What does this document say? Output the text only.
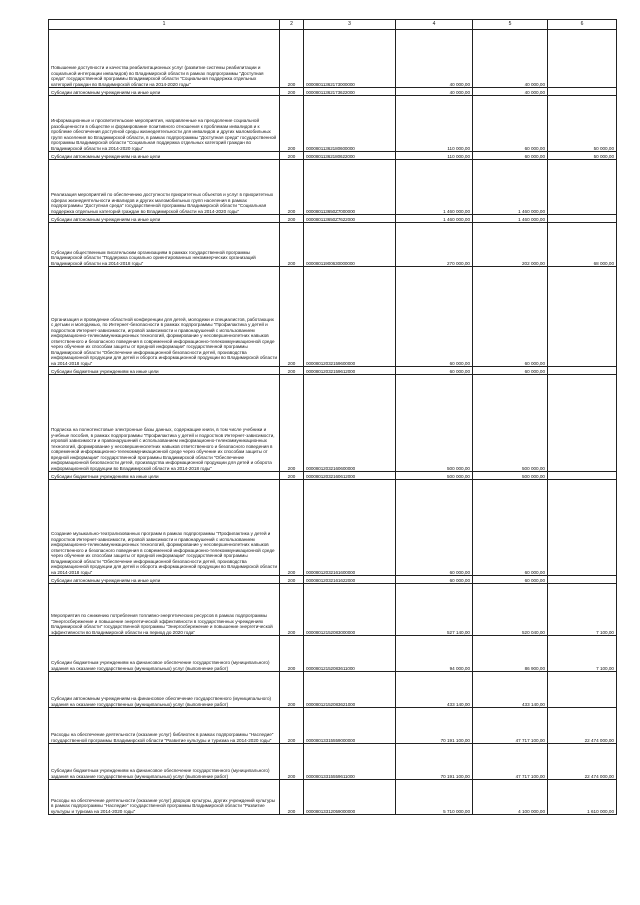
1	2	3	4	5	6
Повышение доступности и качества реабилитационных услуг (развитие системы реабилитации и социальной интеграции инвалидов) во Владимирской области в рамках подпрограммы "Доступная среда" государственной программы Владимирской области "Социальная поддержка отдельных категорий граждан во Владимирской области на 2014-2020 годы"	200	00008011362173000000	40 000,00	40 000,00	
Субсидии автономным учреждениям на иные цели	200	00008011362173622000	40 000,00	40 000,00	
Информационные и просветительские мероприятия, направленные на преодоление социальной разобщенности в обществе и формирование позитивного отношения к проблемам инвалидов и к проблеме обеспечения доступной среды жизнедеятельности для инвалидов и других маломобильных групп населения во Владимирской области, в рамках подпрограммы "Доступная среда" государственной программы Владимирской области "Социальная поддержка отдельных категорий граждан во Владимирской области на 2014-2020 годы"	200	00008011362180600000	110 000,00	60 000,00	50 000,00
Субсидии автономным учреждениям на иные цели	200	00008011362180622000	110 000,00	60 000,00	50 000,00
Реализация мероприятий по обеспечению доступности приоритетных объектов и услуг в приоритетных сферах жизнедеятельности инвалидов и других маломобильных групп населения в рамках подпрограммы "Доступная среда" государственной программы Владимирской области "Социальная поддержка отдельных категорий граждан во Владимирской области на 2014-2020 годы"	200	000080113650Z7000000	1 460 000,00	1 460 000,00	
Субсидии автономным учреждениям на иные цели	200	000080113650Z7622000	1 460 000,00	1 460 000,00	
Субсидии общественным писательским организациям в рамках государственной программы Владимирской области "Поддержка социально ориентированных некоммерческих организаций Владимирской области на 2014-2018 годы"	200	00008011900630000000	270 000,00	202 000,00	68 000,00
Организация и проведение областной конференции для детей, молодежи и специалистов, работающих с детьми и молодежью, по Интернет-безопасности в рамках подпрограммы "Профилактика у детей и подростков Интернет-зависимости, игровой зависимости и правонарушений с использованием информационно-телекоммуникационных технологий, формирование у несовершеннолетних навыков ответственного и безопасного поведения в современной информационно-телекоммуникационной среде через обучение их способам защиты от вредной информации" государственной программы Владимирской области "Обеспечение информационной безопасности детей, производства информационной продукции для детей и оборота информационной продукции во Владимирской области на 2014-2018 годы"	200	00008012032159600000	60 000,00	60 000,00	
Субсидии бюджетным учреждениям на иные цели	200	00008012032159612000	60 000,00	60 000,00	
Подписка на полнотекстовые электронные базы данных, содержащие книги, в том числе учебники и учебные пособия, в рамках подпрограммы "Профилактика у детей и подростков Интернет-зависимости, игровой зависимости и правонарушений с использованием информационно-телекоммуникационных технологий, формирование у несовершеннолетних навыков ответственного и безопасного поведения в современной информационно-телекоммуникационной среде через обучение их способам защиты от вредной информации" государственной программы Владимирской области "Обеспечение информационной безопасности детей, производства информационной продукции для детей и оборота информационной продукции во Владимирской области на 2014-2018 годы"	200	00008012032160600000	500 000,00	500 000,00	
Субсидии бюджетным учреждениям на иные цели	200	00008012032160612000	500 000,00	500 000,00	
Создание музыкально-театрализованных программ в рамках подпрограммы "Профилактика у детей и подростков Интернет-зависимости, игровой зависимости и правонарушений с использованием информационно-телекоммуникационных технологий, формирование у несовершеннолетних навыков ответственного и безопасного поведения в современной информационно-телекоммуникационной среде через обучение их способам защиты от вредной информации" государственной программы Владимирской области "Обеспечение информационной безопасности детей, производства информационной продукции для детей и оборота информационной продукции во Владимирской области на 2014-2018 годы"	200	00008012032161600000	60 000,00	60 000,00	
Субсидии автономным учреждениям на иные цели	200	00008012032161622000	60 000,00	60 000,00	
Мероприятия по снижению потребления топливно-энергетических ресурсов в рамках подпрограммы "Энергосбережение и повышение энергетической эффективности в государственных учреждениях Владимирской области" государственной программы "Энергосбережение и повышение энергетической эффективности во Владимирской области на период до 2020 года"	200	00008012152083000000	527 140,00	520 040,00	7 100,00
Субсидии бюджетным учреждениям на финансовое обеспечение государственного (муниципального) задания на оказание государственных (муниципальных) услуг (выполнение работ)	200	00008012152083611000	94 000,00	86 900,00	7 100,00
Субсидии автономным учреждениям на финансовое обеспечение государственного (муниципального) задания на оказание государственных (муниципальных) услуг (выполнение работ)	200	00008012152083621000	433 140,00	433 140,00	
Расходы на обеспечение деятельности (оказание услуг) библиотек в рамках подпрограммы "Наследие" государственной программы Владимирской области "Развитие культуры и туризма на 2014-2020 годы"	200	00008013315559000000	70 191 100,00	47 717 100,00	22 474 000,00
Субсидии бюджетным учреждениям на финансовое обеспечение государственного (муниципального) задания на оказание государственных (муниципальных) услуг (выполнение работ)	200	00008013315559611000	70 191 100,00	47 717 100,00	22 474 000,00
Расходы на обеспечение деятельности (оказание услуг) дворцов культуры, других учреждений культуры в рамках подпрограммы "Наследие" государственной программы Владимирской области "Развитие культуры и туризма на 2014-2020 годы"	200	00008013312059000000	5 710 000,00	4 100 000,00	1 610 000,00
